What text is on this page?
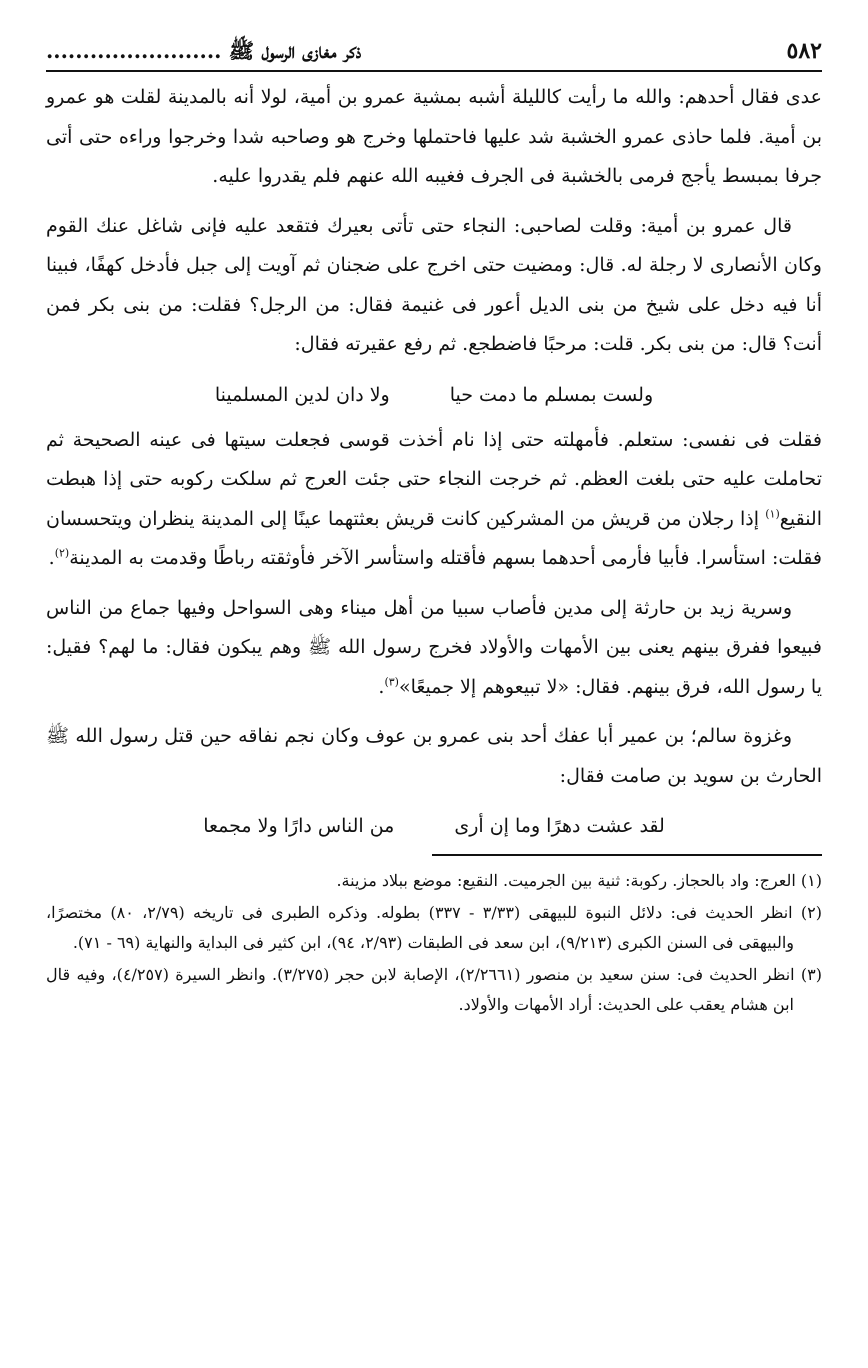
٥٨٢
ذكر مغازى الرسول ﷺ ........................

عدى فقال أحدهم: والله ما رأيت كالليلة أشبه بمشية عمرو بن أمية، لولا أنه بالمدينة لقلت هو عمرو بن أمية. فلما حاذى عمرو الخشبة شد عليها فاحتملها وخرج هو وصاحبه شدا وخرجوا وراءه حتى أتى جرفا بمبسط يأجج فرمى بالخشبة فى الجرف فغيبه الله عنهم فلم يقدروا عليه.

قال عمرو بن أمية: وقلت لصاحبى: النجاء حتى تأتى بعيرك فتقعد عليه فإنى شاغل عنك القوم وكان الأنصارى لا رجلة له. قال: ومضيت حتى اخرج على ضجنان ثم آويت إلى جبل فأدخل كهفًا، فبينا أنا فيه دخل على شيخ من بنى الديل أعور فى غنيمة فقال: من الرجل؟ فقلت: من بنى بكر فمن أنت؟ قال: من بنى بكر. قلت: مرحبًا فاضطجع. ثم رفع عقيرته فقال:

ولست بمسلم ما دمت حيا
ولا دان لدين المسلمينا

فقلت فى نفسى: ستعلم. فأمهلته حتى إذا نام أخذت قوسى فجعلت سيتها فى عينه الصحيحة ثم تحاملت عليه حتى بلغت العظم. ثم خرجت النجاء حتى جئت العرج ثم سلكت ركوبه حتى إذا هبطت النقيع$^{(١)}$ إذا رجلان من قريش من المشركين كانت قريش بعثتهما عينًا إلى المدينة ينظران ويتحسسان فقلت: استأسرا. فأبيا فأرمى أحدهما بسهم فأقتله واستأسر الآخر فأوثقته رباطًا وقدمت به المدينة$^{(٢)}$.

وسرية زيد بن حارثة إلى مدين فأصاب سبيا من أهل ميناء وهى السواحل وفيها جماع من الناس فبيعوا ففرق بينهم يعنى بين الأمهات والأولاد فخرج رسول الله ﷺ وهم يبكون فقال: ما لهم؟ فقيل: يا رسول الله، فرق بينهم. فقال: «لا تبيعوهم إلا جميعًا»$^{(٣)}$.

وغزوة سالم؛ بن عمير أبا عفك أحد بنى عمرو بن عوف وكان نجم نفاقه حين قتل رسول الله ﷺ الحارث بن سويد بن صامت فقال:

لقد عشت دهرًا وما إن أرى
من الناس دارًا ولا مجمعا

(١) العرج: واد بالحجاز. ركوبة: ثنية بين الجرميت. النقيع: موضع ببلاد مزينة.

(٢) انظر الحديث فى: دلائل النبوة للبيهقى (٣/٣٣ - ٣٣٧) بطوله. وذكره الطبرى فى تاريخه (٢/٧٩، ٨٠) مختصرًا، والبيهقى فى السنن الكبرى (٩/٢١٣)، ابن سعد فى الطبقات (٢/٩٣، ٩٤)، ابن كثير فى البداية والنهاية (٦٩ - ٧١).

(٣) انظر الحديث فى: سنن سعيد بن منصور (٢/٢٦٦١)، الإصابة لابن حجر (٣/٢٧٥). وانظر السيرة (٤/٢٥٧)، وفيه قال ابن هشام يعقب على الحديث: أراد الأمهات والأولاد.
